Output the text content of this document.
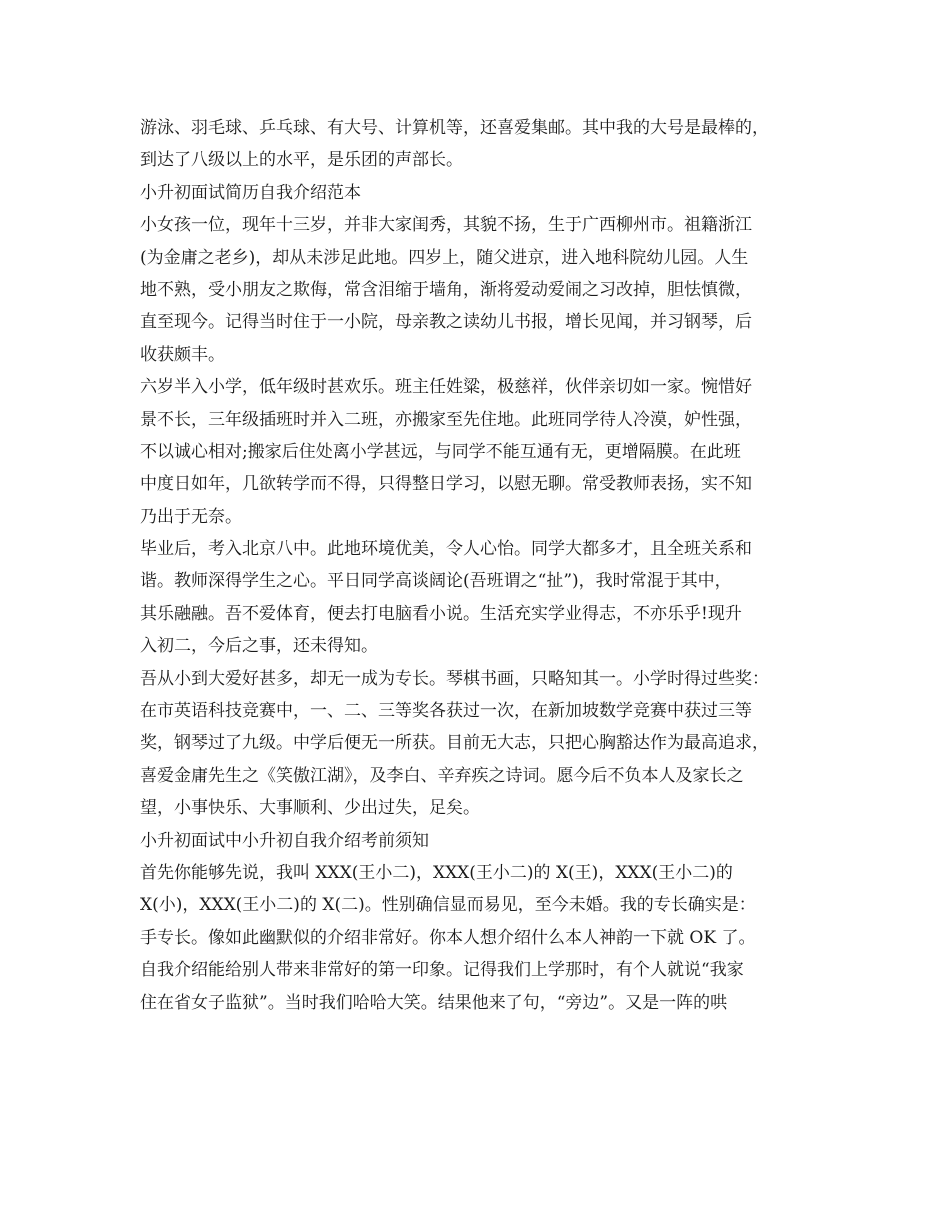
游泳、羽毛球、乒乓球、有大号、计算机等，还喜爱集邮。其中我的大号是最棒的，
到达了八级以上的水平，是乐团的声部长。
小升初面试简历自我介绍范本
小女孩一位，现年十三岁，并非大家闺秀，其貌不扬，生于广西柳州市。祖籍浙江
(为金庸之老乡)，却从未涉足此地。四岁上，随父进京，进入地科院幼儿园。人生
地不熟，受小朋友之欺侮，常含泪缩于墙角，渐将爱动爱闹之习改掉，胆怯慎微，
直至现今。记得当时住于一小院，母亲教之读幼儿书报，增长见闻，并习钢琴，后
收获颇丰。
六岁半入小学，低年级时甚欢乐。班主任姓粱，极慈祥，伙伴亲切如一家。惋惜好
景不长，三年级插班时并入二班，亦搬家至先住地。此班同学待人冷漠，妒性强，
不以诚心相对;搬家后住处离小学甚远，与同学不能互通有无，更增隔膜。在此班
中度日如年，几欲转学而不得，只得整日学习，以慰无聊。常受教师表扬，实不知
乃出于无奈。
毕业后，考入北京八中。此地环境优美，令人心怡。同学大都多才，且全班关系和
谐。教师深得学生之心。平日同学高谈阔论(吾班谓之“扯”)，我时常混于其中，
其乐融融。吾不爱体育，便去打电脑看小说。生活充实学业得志，不亦乐乎!现升
入初二，今后之事，还未得知。
吾从小到大爱好甚多，却无一成为专长。琴棋书画，只略知其一。小学时得过些奖：
在市英语科技竞赛中，一、二、三等奖各获过一次，在新加坡数学竞赛中获过三等
奖，钢琴过了九级。中学后便无一所获。目前无大志，只把心胸豁达作为最高追求，
喜爱金庸先生之《笑傲江湖》，及李白、辛弃疾之诗词。愿今后不负本人及家长之
望，小事快乐、大事顺利、少出过失，足矣。
小升初面试中小升初自我介绍考前须知
首先你能够先说，我叫 XXX(王小二)，XXX(王小二)的 X(王)，XXX(王小二)的
X(小)，XXX(王小二)的 X(二)。性别确信显而易见，至今未婚。我的专长确实是：
手专长。像如此幽默似的介绍非常好。你本人想介绍什么本人神韵一下就 OK 了。
自我介绍能给别人带来非常好的第一印象。记得我们上学那时，有个人就说“我家
住在省女子监狱”。当时我们哈哈大笑。结果他来了句，“旁边”。又是一阵的哄
